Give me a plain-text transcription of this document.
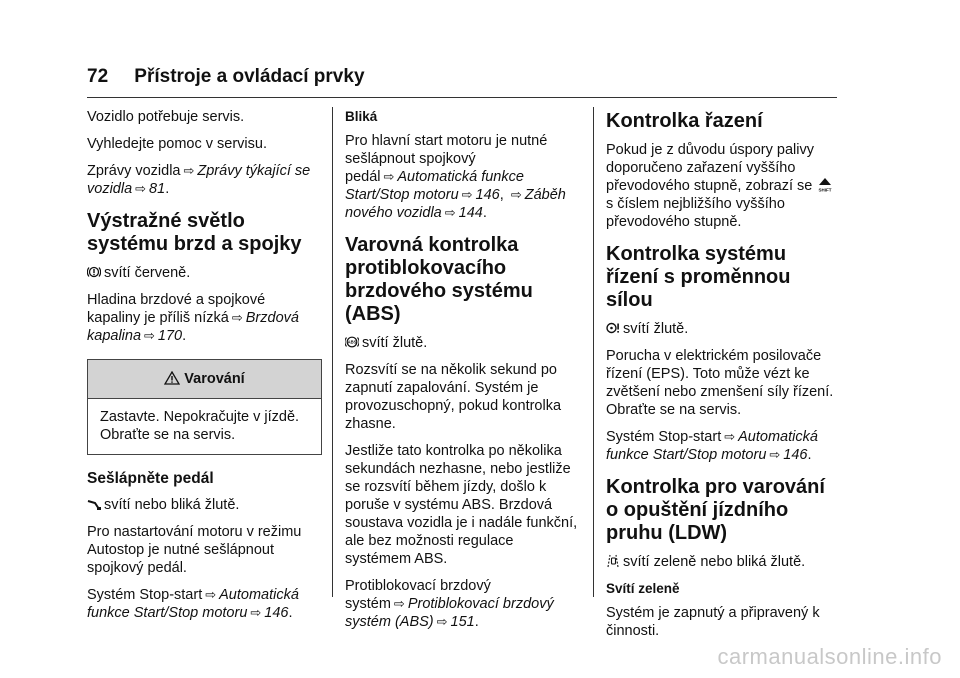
72 Přístroje a ovládací prvky

Vozidlo potřebuje servis.

Vyhledejte pomoc v servisu.

Zprávy vozidla ⇨ Zprávy týkající se vozidla ⇨ 81.

Výstražné světlo systému brzd a spojky

svítí červeně.

Hladina brzdové a spojkové kapaliny je příliš nízká ⇨ Brzdová kapalina ⇨ 170.

Varování
Zastavte. Nepokračujte v jízdě. Obraťte se na servis.
Sešlápněte pedál

svítí nebo bliká žlutě.

Pro nastartování motoru v režimu Autostop je nutné sešlápnout spojkový pedál.

Systém Stop-start ⇨ Automatická funkce Start/Stop motoru ⇨ 146.

Bliká

Pro hlavní start motoru je nutné sešlápnout spojkový pedál ⇨ Automatická funkce Start/Stop motoru ⇨ 146, ⇨ Záběh nového vozidla ⇨ 144.

Varovná kontrolka protiblokovacího brzdového systému (ABS)

ABS svítí žlutě.

Rozsvítí se na několik sekund po zapnutí zapalování. Systém je provozuschopný, pokud kontrolka zhasne.

Jestliže tato kontrolka po několika sekundách nezhasne, nebo jestliže se rozsvítí během jízdy, došlo k poruše v systému ABS. Brzdová soustava vozidla je i nadále funkční, ale bez možnosti regulace systémem ABS.

Protiblokovací brzdový systém ⇨ Protiblokovací brzdový systém (ABS) ⇨ 151.

Kontrolka řazení

Pokud je z důvodu úspory palivy doporučeno zařazení vyššího převodového stupně, zobrazí se SHIFT
s číslem nejbližšího vyššího převodového stupně.

Kontrolka systému řízení s proměnnou sílou

svítí žlutě.

Porucha v elektrickém posilovače řízení (EPS). Toto může vézt ke zvětšení nebo zmenšení síly řízení. Obraťte se na servis.

Systém Stop-start ⇨ Automatická funkce Start/Stop motoru ⇨ 146.

Kontrolka pro varování o opuštění jízdního pruhu (LDW)

svítí zeleně nebo bliká žlutě.

Svítí zeleně

Systém je zapnutý a připravený k činnosti.

carmanualsonline.info
